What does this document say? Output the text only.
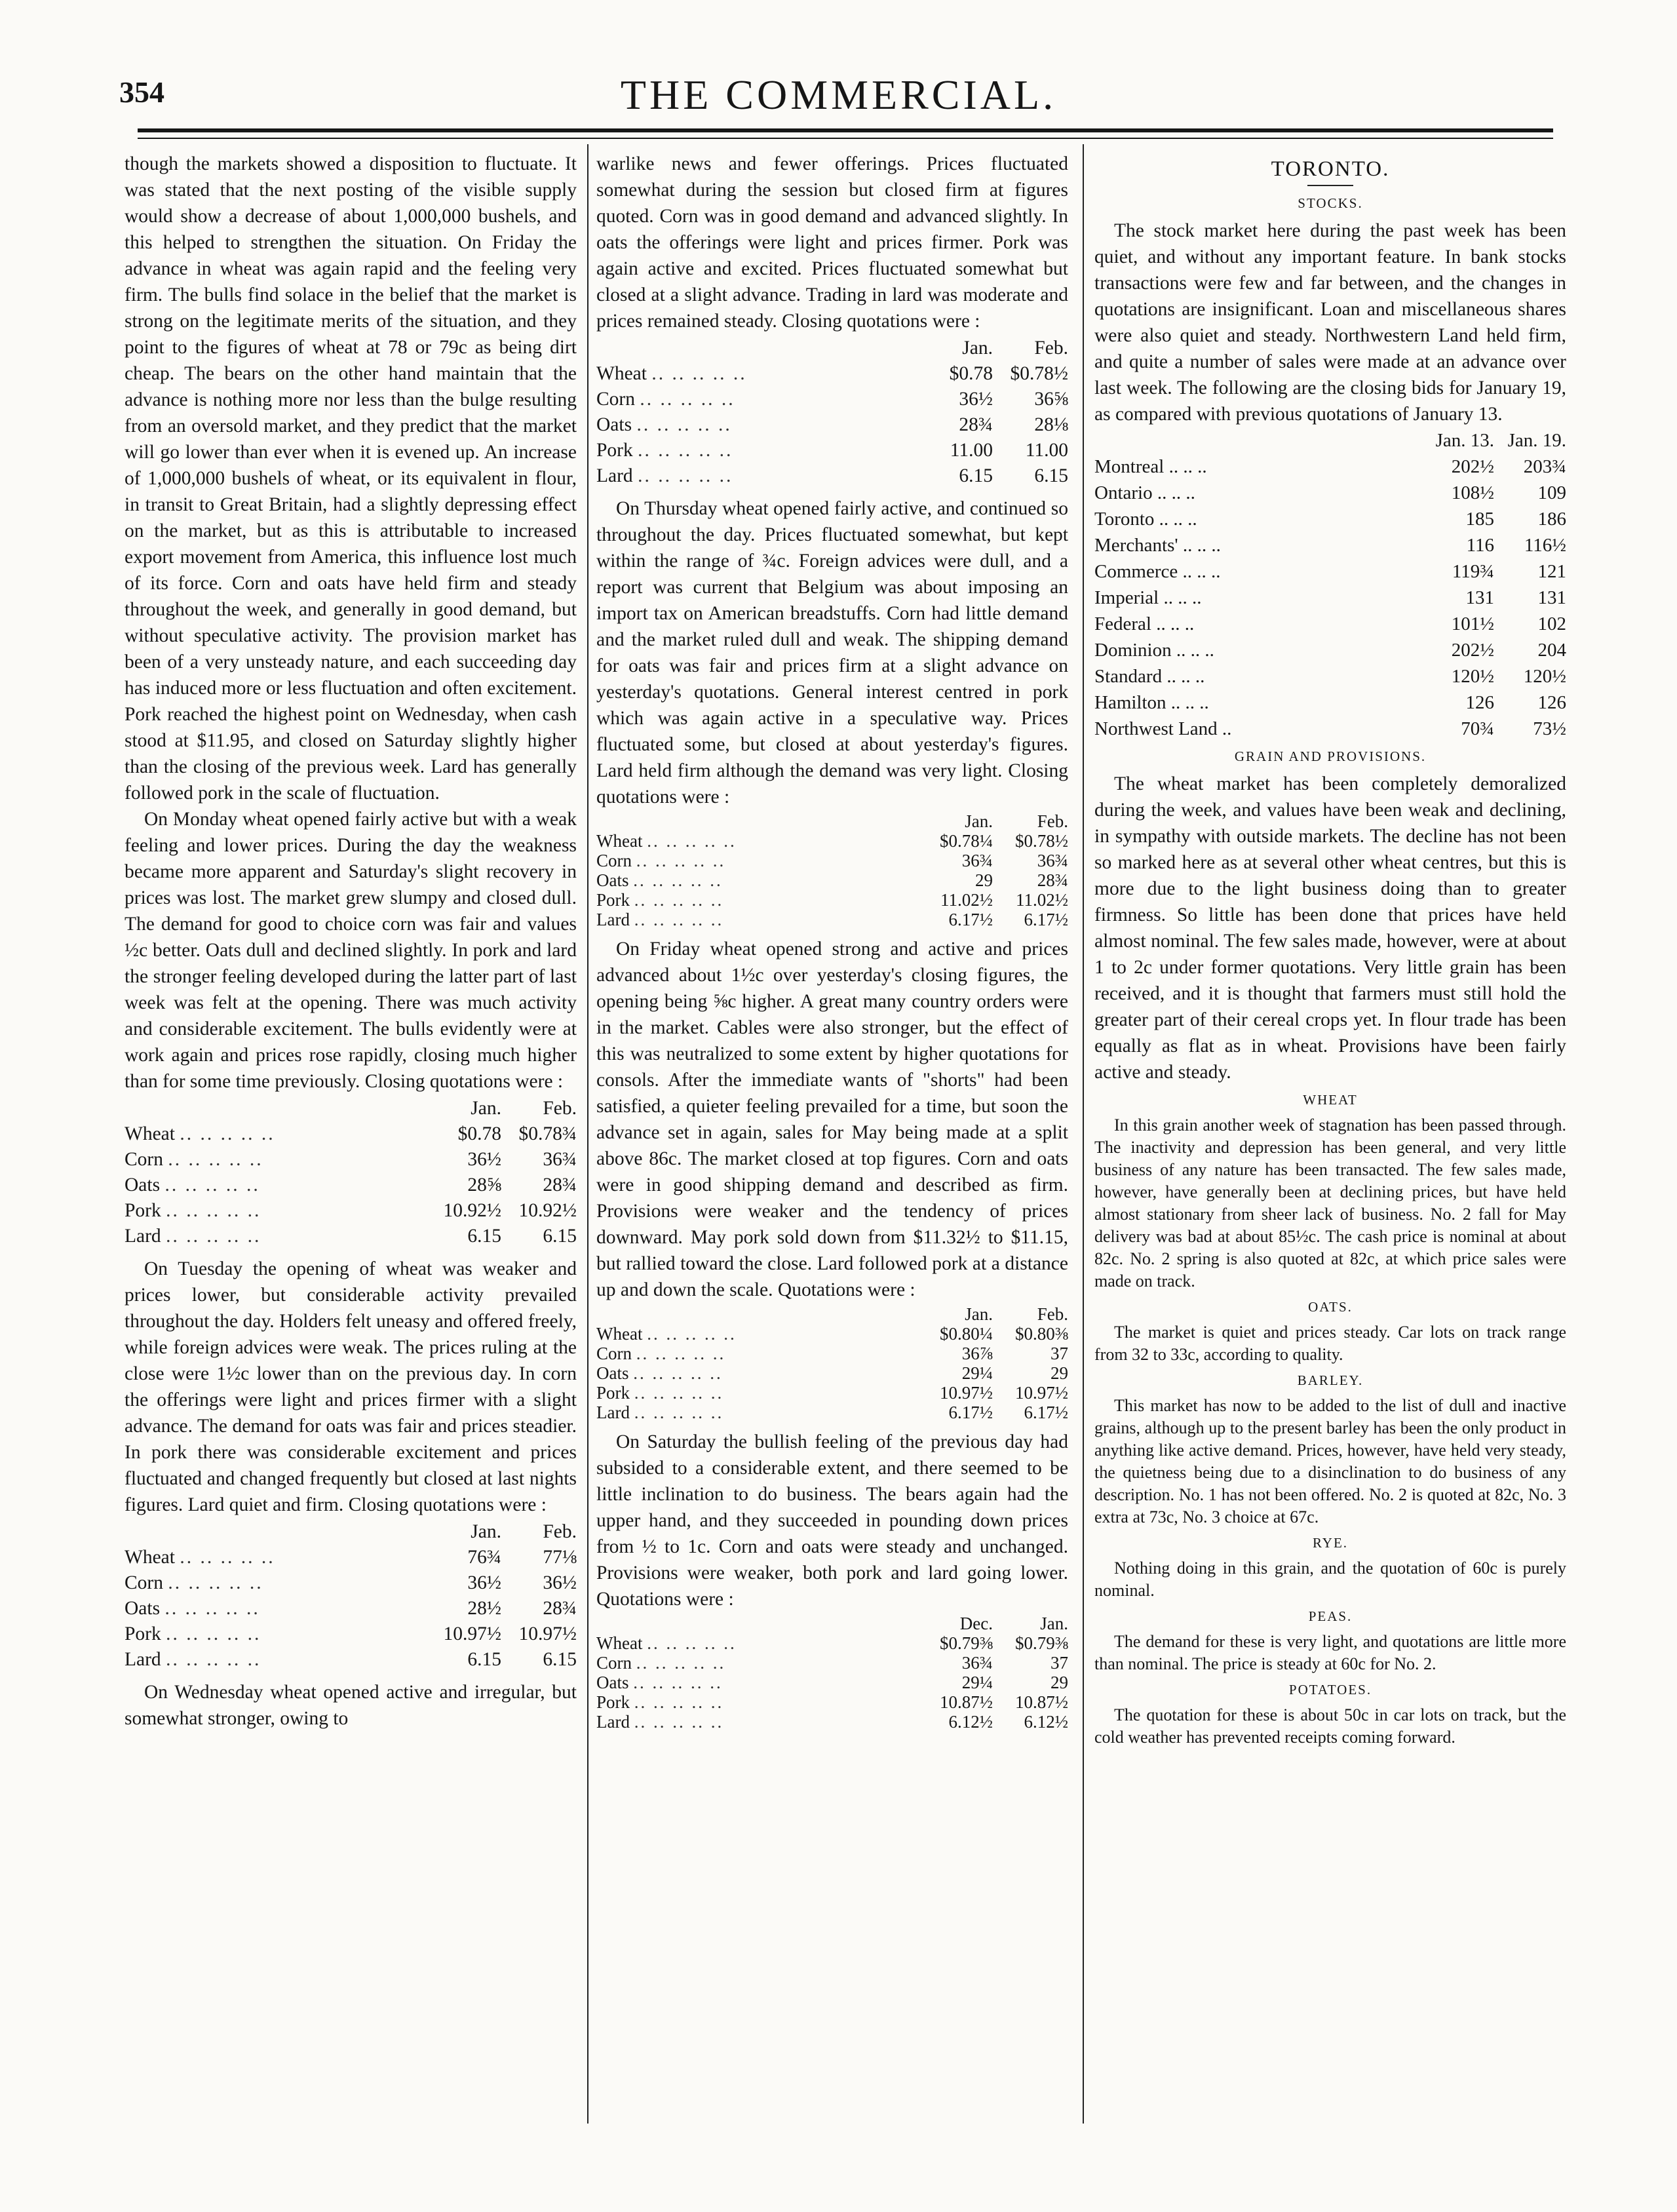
354	THE COMMERCIAL.

though the markets showed a disposition to fluctuate. It was stated that the next posting of the visible supply would show a decrease of about 1,000,000 bushels, and this helped to strengthen the situation. On Friday the advance in wheat was again rapid and the feeling very firm. The bulls find solace in the belief that the market is strong on the legitimate merits of the situation, and they point to the figures of wheat at 78 or 79c as being dirt cheap. The bears on the other hand maintain that the advance is nothing more nor less than the bulge resulting from an oversold market, and they predict that the market will go lower than ever when it is evened up. An increase of 1,000,000 bushels of wheat, or its equivalent in flour, in transit to Great Britain, had a slightly depressing effect on the market, but as this is attributable to increased export movement from America, this influence lost much of its force. Corn and oats have held firm and steady throughout the week, and generally in good demand, but without speculative activity. The provision market has been of a very unsteady nature, and each succeeding day has induced more or less fluctuation and often excitement. Pork reached the highest point on Wednesday, when cash stood at $11.95, and closed on Saturday slightly higher than the closing of the previous week. Lard has generally followed pork in the scale of fluctuation.

On Monday wheat opened fairly active but with a weak feeling and lower prices. During the day the weakness became more apparent and Saturday's slight recovery in prices was lost. The market grew slumpy and closed dull. The demand for good to choice corn was fair and values ½c better. Oats dull and declined slightly. In pork and lard the stronger feeling developed during the latter part of last week was felt at the opening. There was much activity and considerable excitement. The bulls evidently were at work again and prices rose rapidly, closing much higher than for some time previously. Closing quotations were :

	Jan.	Feb.
Wheat .. .. .. .. ..	$0.78	$0.78¾
Corn .. .. .. .. ..	36½	36¾
Oats .. .. .. .. ..	28⅝	28¾
Pork .. .. .. .. ..	10.92½	10.92½
Lard .. .. .. .. ..	6.15	6.15

On Tuesday the opening of wheat was weaker and prices lower, but considerable activity prevailed throughout the day. Holders felt uneasy and offered freely, while foreign advices were weak. The prices ruling at the close were 1½c lower than on the previous day. In corn the offerings were light and prices firmer with a slight advance. The demand for oats was fair and prices steadier. In pork there was considerable excitement and prices fluctuated and changed frequently but closed at last nights figures. Lard quiet and firm. Closing quotations were :

	Jan.	Feb.
Wheat .. .. .. .. ..	76¾	77⅛
Corn .. .. .. .. ..	36½	36½
Oats .. .. .. .. ..	28½	28¾
Pork .. .. .. .. ..	10.97½	10.97½
Lard .. .. .. .. ..	6.15	6.15

On Wednesday wheat opened active and irregular, but somewhat stronger, owing to

warlike news and fewer offerings. Prices fluctuated somewhat during the session but closed firm at figures quoted. Corn was in good demand and advanced slightly. In oats the offerings were light and prices firmer. Pork was again active and excited. Prices fluctuated somewhat but closed at a slight advance. Trading in lard was moderate and prices remained steady. Closing quotations were :

	Jan.	Feb.
Wheat .. .. .. .. ..	$0.78	$0.78½
Corn .. .. .. .. ..	36½	36⅝
Oats .. .. .. .. ..	28¾	28⅛
Pork .. .. .. .. ..	11.00	11.00
Lard .. .. .. .. ..	6.15	6.15

On Thursday wheat opened fairly active, and continued so throughout the day. Prices fluctuated somewhat, but kept within the range of ¾c. Foreign advices were dull, and a report was current that Belgium was about imposing an import tax on American breadstuffs. Corn had little demand and the market ruled dull and weak. The shipping demand for oats was fair and prices firm at a slight advance on yesterday's quotations. General interest centred in pork which was again active in a speculative way. Prices fluctuated some, but closed at about yesterday's figures. Lard held firm although the demand was very light. Closing quotations were :

	Jan.	Feb.
Wheat .. .. .. .. ..	$0.78¼	$0.78½
Corn .. .. .. .. ..	36¾	36¾
Oats .. .. .. .. ..	29	28¾
Pork .. .. .. .. ..	11.02½	11.02½
Lard .. .. .. .. ..	6.17½	6.17½

On Friday wheat opened strong and active and prices advanced about 1½c over yesterday's closing figures, the opening being ⅝c higher. A great many country orders were in the market. Cables were also stronger, but the effect of this was neutralized to some extent by higher quotations for consols. After the immediate wants of "shorts" had been satisfied, a quieter feeling prevailed for a time, but soon the advance set in again, sales for May being made at a split above 86c. The market closed at top figures. Corn and oats were in good shipping demand and described as firm. Provisions were weaker and the tendency of prices downward. May pork sold down from $11.32½ to $11.15, but rallied toward the close. Lard followed pork at a distance up and down the scale. Quotations were :

	Jan.	Feb.
Wheat .. .. .. .. ..	$0.80¼	$0.80⅜
Corn .. .. .. .. ..	36⅞	37
Oats .. .. .. .. ..	29¼	29
Pork .. .. .. .. ..	10.97½	10.97½
Lard .. .. .. .. ..	6.17½	6.17½

On Saturday the bullish feeling of the previous day had subsided to a considerable extent, and there seemed to be little inclination to do business. The bears again had the upper hand, and they succeeded in pounding down prices from ½ to 1c. Corn and oats were steady and unchanged. Provisions were weaker, both pork and lard going lower. Quotations were :

	Dec.	Jan.
Wheat .. .. .. .. ..	$0.79⅜	$0.79⅜
Corn .. .. .. .. ..	36¾	37
Oats .. .. .. .. ..	29¼	29
Pork .. .. .. .. ..	10.87½	10.87½
Lard .. .. .. .. ..	6.12½	6.12½
TORONTO.
STOCKS.

The stock market here during the past week has been quiet, and without any important feature. In bank stocks transactions were few and far between, and the changes in quotations are insignificant. Loan and miscellaneous shares were also quiet and steady. Northwestern Land held firm, and quite a number of sales were made at an advance over last week. The following are the closing bids for January 19, as compared with previous quotations of January 13.

	Jan. 13.	Jan. 19.
Montreal .. .. ..	202½	203¾
Ontario .. .. ..	108½	109
Toronto .. .. ..	185	186
Merchants' .. .. ..	116	116½
Commerce .. .. ..	119¾	121
Imperial .. .. ..	131	131
Federal .. .. ..	101½	102
Dominion .. .. ..	202½	204
Standard .. .. ..	120½	120½
Hamilton .. .. ..	126	126
Northwest Land ..	70¾	73½
GRAIN AND PROVISIONS.

The wheat market has been completely demoralized during the week, and values have been weak and declining, in sympathy with outside markets. The decline has not been so marked here as at several other wheat centres, but this is more due to the light business doing than to greater firmness. So little has been done that prices have held almost nominal. The few sales made, however, were at about 1 to 2c under former quotations. Very little grain has been received, and it is thought that farmers must still hold the greater part of their cereal crops yet. In flour trade has been equally as flat as in wheat. Provisions have been fairly active and steady.

WHEAT

In this grain another week of stagnation has been passed through. The inactivity and depression has been general, and very little business of any nature has been transacted. The few sales made, however, have generally been at declining prices, but have held almost stationary from sheer lack of business. No. 2 fall for May delivery was bad at about 85½c. The cash price is nominal at about 82c. No. 2 spring is also quoted at 82c, at which price sales were made on track.

OATS.

The market is quiet and prices steady. Car lots on track range from 32 to 33c, according to quality.

BARLEY.

This market has now to be added to the list of dull and inactive grains, although up to the present barley has been the only product in anything like active demand. Prices, however, have held very steady, the quietness being due to a disinclination to do business of any description. No. 1 has not been offered. No. 2 is quoted at 82c, No. 3 extra at 73c, No. 3 choice at 67c.

RYE.

Nothing doing in this grain, and the quotation of 60c is purely nominal.

PEAS.

The demand for these is very light, and quotations are little more than nominal. The price is steady at 60c for No. 2.

POTATOES.

The quotation for these is about 50c in car lots on track, but the cold weather has prevented receipts coming forward.
